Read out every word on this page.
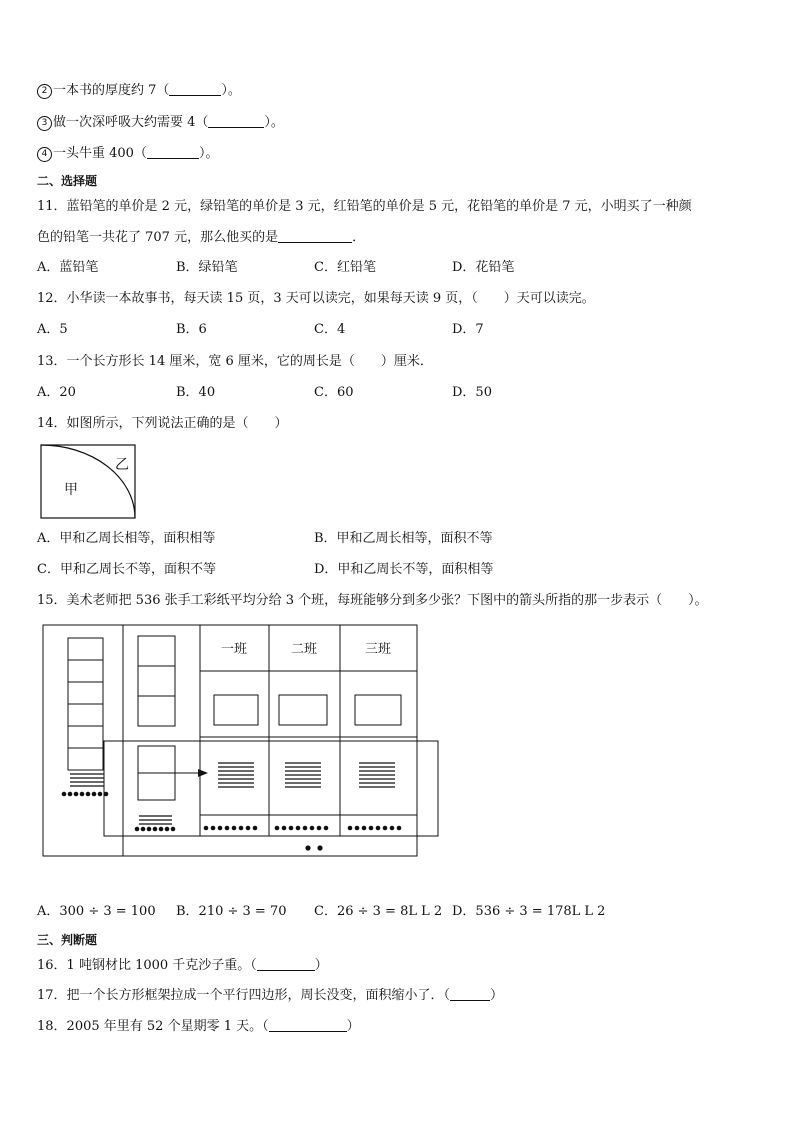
2 一本书的厚度约 7（	）。
3 做一次深呼吸大约需要 4（	）。
4 一头牛重 400（	）。
二、选择题
11．蓝铅笔的单价是 2 元，绿铅笔的单价是 3 元，红铅笔的单价是 5 元，花铅笔的单价是 7 元，小明买了一种颜
色的铅笔一共花了 707 元，那么他买的是	．
A．蓝铅笔	B．绿铅笔	C．红铅笔	D．花铅笔
12．小华读一本故事书，每天读 15 页，3 天可以读完，如果每天读 9 页，（　　）天可以读完。
A．5	B．6	C．4	D．7
13．一个长方形长 14 厘米，宽 6 厘米，它的周长是（　　）厘米．
A．20	B．40	C．60	D．50
14．如图所示，下列说法正确的是（　　）
乙
甲
A．甲和乙周长相等，面积相等	B．甲和乙周长相等，面积不等
C．甲和乙周长不等，面积不等	D．甲和乙周长不等，面积相等
15．美术老师把 536 张手工彩纸平均分给 3 个班，每班能够分到多少张？下图中的箭头所指的那一步表示（　　）。
一班	二班	三班
A．300 ÷ 3 = 100 B．210 ÷ 3 = 70 C．26 ÷ 3 = 8L L 2 D．536 ÷ 3 = 178L L 2
三、判断题
16．1 吨钢材比 1000 千克沙子重。（	）
17．把一个长方形框架拉成一个平行四边形，周长没变，面积缩小了．（	）
18．2005 年里有 52 个星期零 1 天。（	）
